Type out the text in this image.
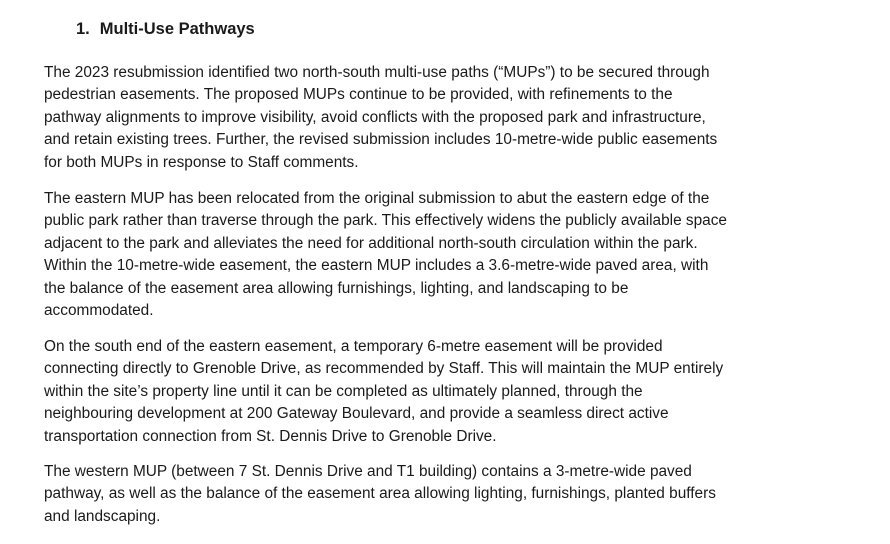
1. Multi-Use Pathways

The 2023 resubmission identified two north-south multi-use paths (“MUPs”) to be secured through
pedestrian easements. The proposed MUPs continue to be provided, with refinements to the
pathway alignments to improve visibility, avoid conflicts with the proposed park and infrastructure,
and retain existing trees. Further, the revised submission includes 10-metre-wide public easements
for both MUPs in response to Staff comments.

The eastern MUP has been relocated from the original submission to abut the eastern edge of the
public park rather than traverse through the park. This effectively widens the publicly available space
adjacent to the park and alleviates the need for additional north-south circulation within the park.
Within the 10-metre-wide easement, the eastern MUP includes a 3.6-metre-wide paved area, with
the balance of the easement area allowing furnishings, lighting, and landscaping to be
accommodated.

On the south end of the eastern easement, a temporary 6-metre easement will be provided
connecting directly to Grenoble Drive, as recommended by Staff. This will maintain the MUP entirely
within the site’s property line until it can be completed as ultimately planned, through the
neighbouring development at 200 Gateway Boulevard, and provide a seamless direct active
transportation connection from St. Dennis Drive to Grenoble Drive.

The western MUP (between 7 St. Dennis Drive and T1 building) contains a 3-metre-wide paved
pathway, as well as the balance of the easement area allowing lighting, furnishings, planted buffers
and landscaping.
